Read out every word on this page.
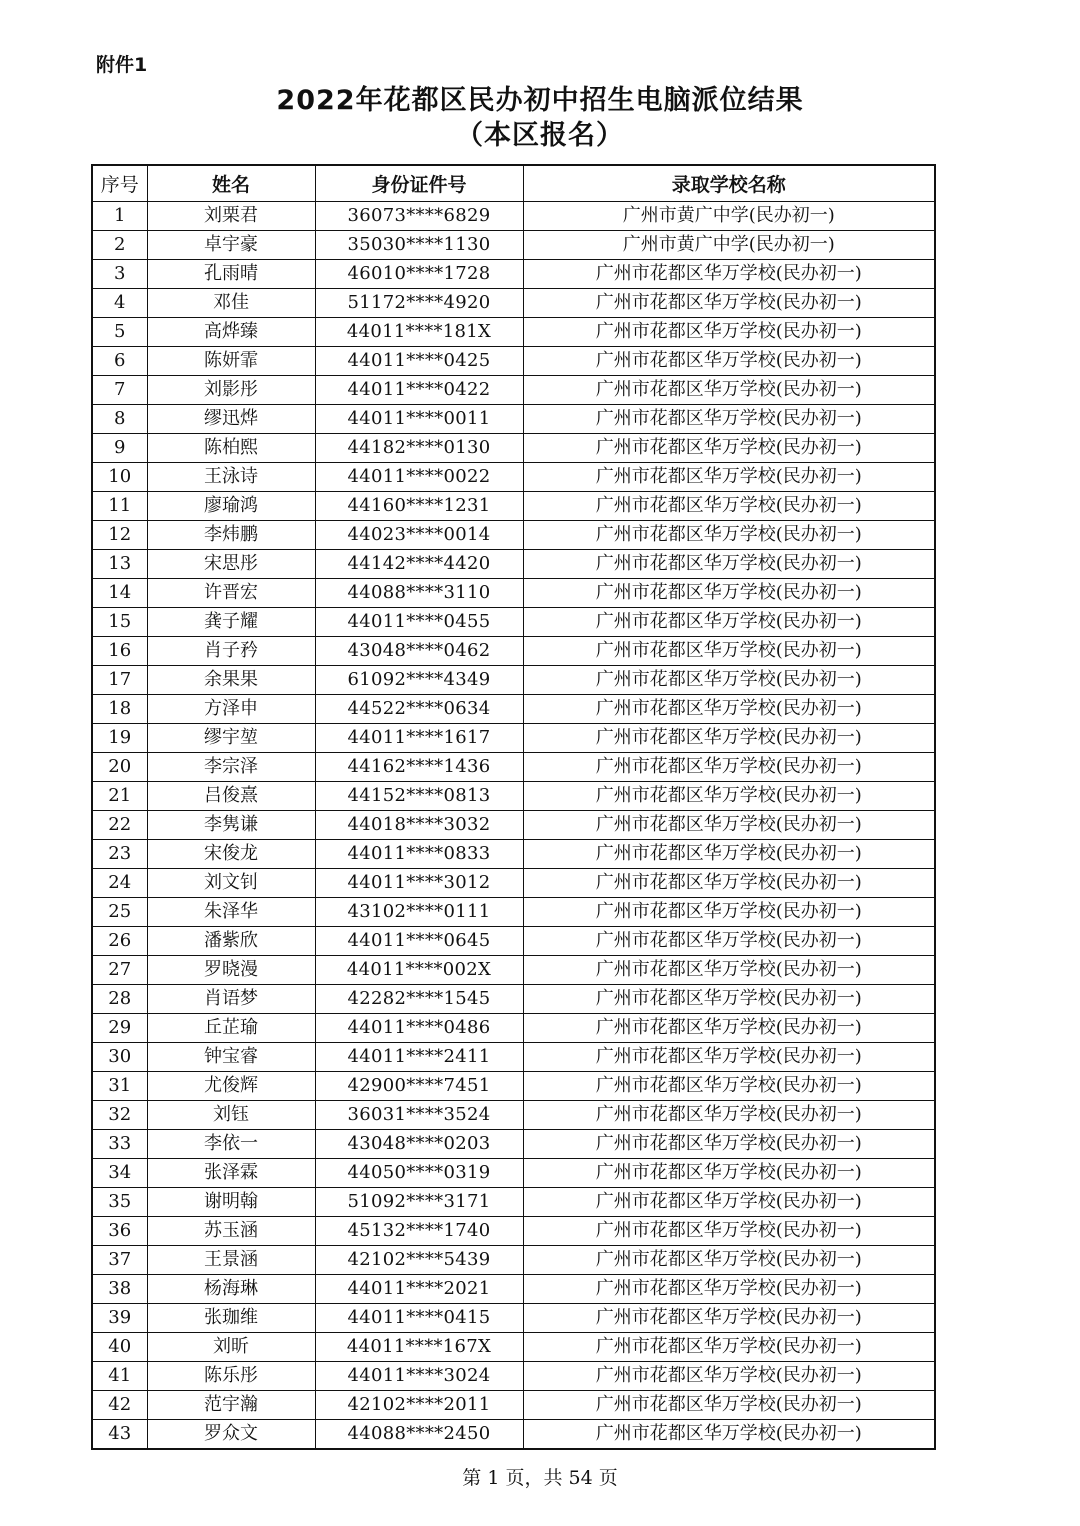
附件1
2022年花都区民办初中招生电脑派位结果
（本区报名）
序号	姓名	身份证件号	录取学校名称
1	刘栗君	36073****6829	广州市黄广中学(民办初一)
2	卓宇豪	35030****1130	广州市黄广中学(民办初一)
3	孔雨晴	46010****1728	广州市花都区华万学校(民办初一)
4	邓佳	51172****4920	广州市花都区华万学校(民办初一)
5	高烨臻	44011****181X	广州市花都区华万学校(民办初一)
6	陈妍霏	44011****0425	广州市花都区华万学校(民办初一)
7	刘影彤	44011****0422	广州市花都区华万学校(民办初一)
8	缪迅烨	44011****0011	广州市花都区华万学校(民办初一)
9	陈柏熙	44182****0130	广州市花都区华万学校(民办初一)
10	王泳诗	44011****0022	广州市花都区华万学校(民办初一)
11	廖瑜鸿	44160****1231	广州市花都区华万学校(民办初一)
12	李炜鹏	44023****0014	广州市花都区华万学校(民办初一)
13	宋思彤	44142****4420	广州市花都区华万学校(民办初一)
14	许晋宏	44088****3110	广州市花都区华万学校(民办初一)
15	龚子耀	44011****0455	广州市花都区华万学校(民办初一)
16	肖子矜	43048****0462	广州市花都区华万学校(民办初一)
17	余果果	61092****4349	广州市花都区华万学校(民办初一)
18	方泽申	44522****0634	广州市花都区华万学校(民办初一)
19	缪宇堃	44011****1617	广州市花都区华万学校(民办初一)
20	李宗泽	44162****1436	广州市花都区华万学校(民办初一)
21	吕俊熹	44152****0813	广州市花都区华万学校(民办初一)
22	李隽谦	44018****3032	广州市花都区华万学校(民办初一)
23	宋俊龙	44011****0833	广州市花都区华万学校(民办初一)
24	刘文钊	44011****3012	广州市花都区华万学校(民办初一)
25	朱泽华	43102****0111	广州市花都区华万学校(民办初一)
26	潘紫欣	44011****0645	广州市花都区华万学校(民办初一)
27	罗晓漫	44011****002X	广州市花都区华万学校(民办初一)
28	肖语梦	42282****1545	广州市花都区华万学校(民办初一)
29	丘芷瑜	44011****0486	广州市花都区华万学校(民办初一)
30	钟宝睿	44011****2411	广州市花都区华万学校(民办初一)
31	尤俊辉	42900****7451	广州市花都区华万学校(民办初一)
32	刘钰	36031****3524	广州市花都区华万学校(民办初一)
33	李依一	43048****0203	广州市花都区华万学校(民办初一)
34	张泽霖	44050****0319	广州市花都区华万学校(民办初一)
35	谢明翰	51092****3171	广州市花都区华万学校(民办初一)
36	苏玉涵	45132****1740	广州市花都区华万学校(民办初一)
37	王景涵	42102****5439	广州市花都区华万学校(民办初一)
38	杨海琳	44011****2021	广州市花都区华万学校(民办初一)
39	张珈维	44011****0415	广州市花都区华万学校(民办初一)
40	刘昕	44011****167X	广州市花都区华万学校(民办初一)
41	陈乐彤	44011****3024	广州市花都区华万学校(民办初一)
42	范宇瀚	42102****2011	广州市花都区华万学校(民办初一)
43	罗众文	44088****2450	广州市花都区华万学校(民办初一)
第 1 页，共 54 页
